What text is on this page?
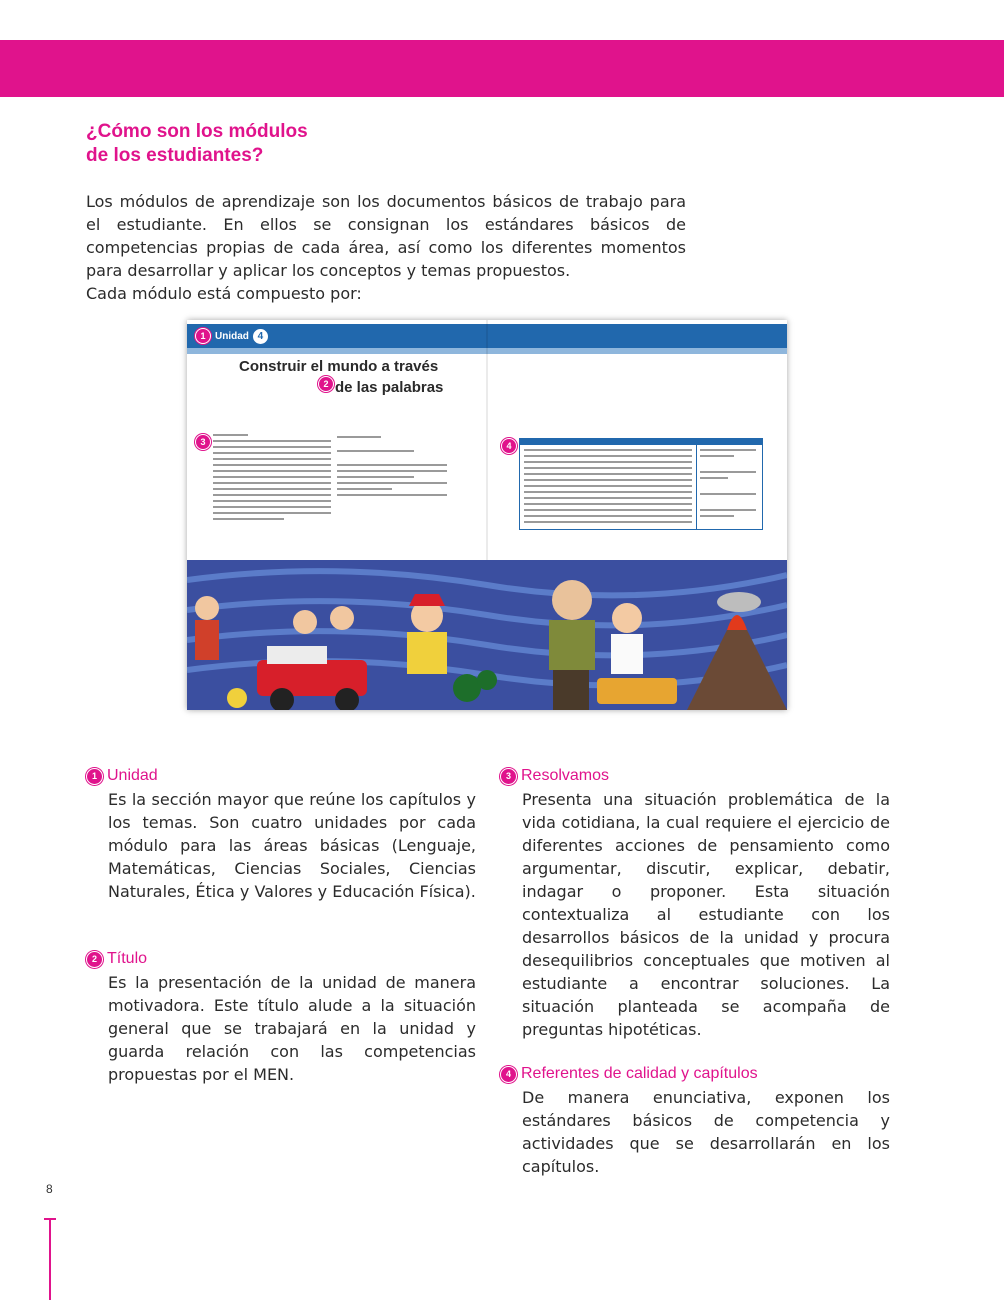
¿Cómo son los módulos
de los estudiantes?

Los módulos de aprendizaje son los documentos básicos de trabajo para el estudiante. En ellos se consignan los estándares básicos de competencias propias de cada área, así como los diferentes momentos para desarrollar y aplicar los conceptos y temas propuestos.

Cada módulo está compuesto por:

1 Unidad 4
Construir el mundo a través
de las palabras
2
3	4
1 Unidad
Es la sección mayor que reúne los capítulos y los temas. Son cuatro unidades por cada módulo para las áreas básicas (Lenguaje, Matemáticas, Ciencias Sociales, Ciencias Naturales, Ética y Valores y Educación Física).
2 Título
Es la presentación de la unidad de manera motivadora. Este título alude a la situación general que se trabajará en la unidad y guarda relación con las competencias propuestas por el MEN.
3 Resolvamos
Presenta una situación problemática de la vida cotidiana, la cual requiere el ejercicio de diferentes acciones de pensamiento como argumentar, discutir, explicar, debatir, indagar o proponer. Esta situación contextualiza al estudiante con los desarrollos básicos de la unidad y procura desequilibrios conceptuales que motiven al estudiante a encontrar soluciones. La situación planteada se acompaña de preguntas hipotéticas.
4 Referentes de calidad y capítulos
De manera enunciativa, exponen los estándares básicos de competencia y actividades que se desarrollarán en los capítulos.
8
